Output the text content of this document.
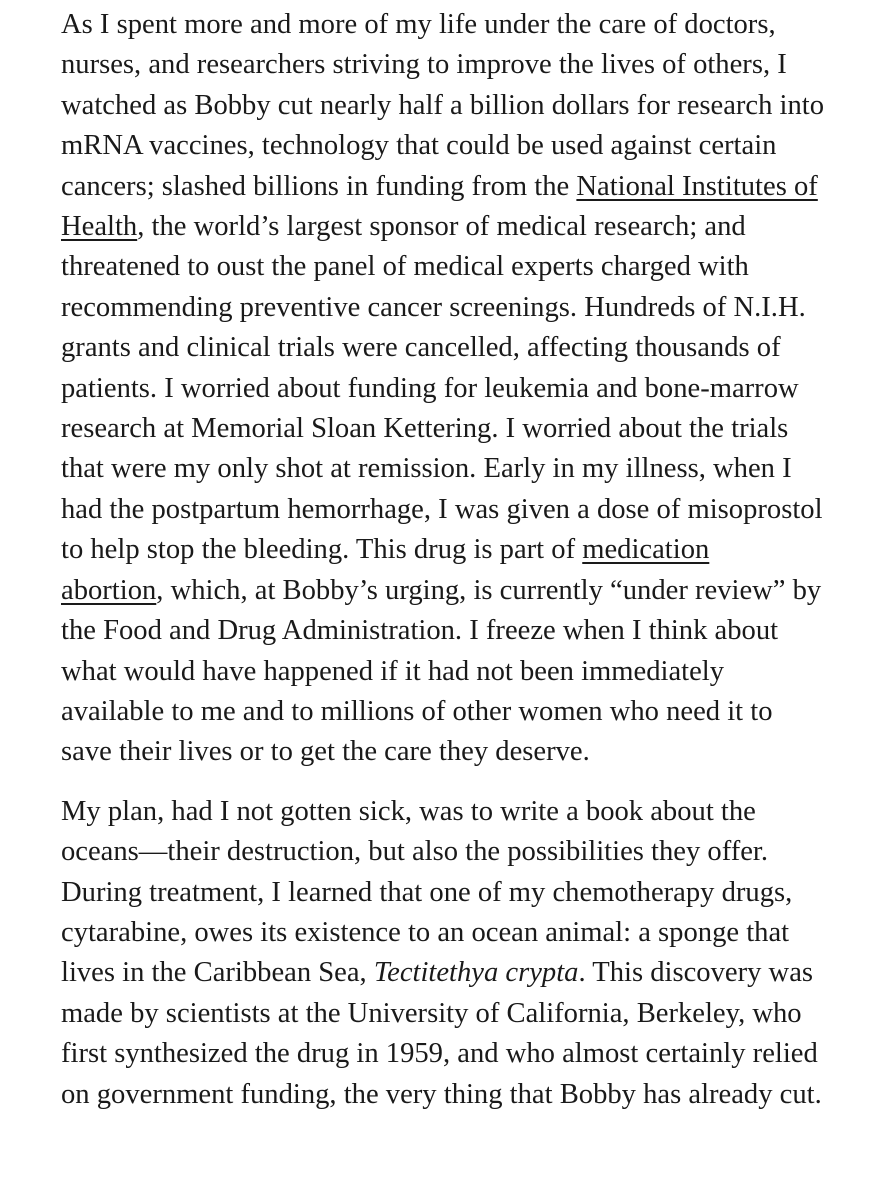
As I spent more and more of my life under the care of doctors,
nurses, and researchers striving to improve the lives of others, I
watched as Bobby cut nearly half a billion dollars for research into
mRNA vaccines, technology that could be used against certain
cancers; slashed billions in funding from the National Institutes of
Health, the world’s largest sponsor of medical research; and
threatened to oust the panel of medical experts charged with
recommending preventive cancer screenings. Hundreds of N.I.H.
grants and clinical trials were cancelled, affecting thousands of
patients. I worried about funding for leukemia and bone-marrow
research at Memorial Sloan Kettering. I worried about the trials
that were my only shot at remission. Early in my illness, when I
had the postpartum hemorrhage, I was given a dose of misoprostol
to help stop the bleeding. This drug is part of medication
abortion, which, at Bobby’s urging, is currently “under review” by
the Food and Drug Administration. I freeze when I think about
what would have happened if it had not been immediately
available to me and to millions of other women who need it to
save their lives or to get the care they deserve.

My plan, had I not gotten sick, was to write a book about the
oceans—their destruction, but also the possibilities they offer.
During treatment, I learned that one of my chemotherapy drugs,
cytarabine, owes its existence to an ocean animal: a sponge that
lives in the Caribbean Sea, Tectitethya crypta. This discovery was
made by scientists at the University of California, Berkeley, who
first synthesized the drug in 1959, and who almost certainly relied
on government funding, the very thing that Bobby has already cut.
